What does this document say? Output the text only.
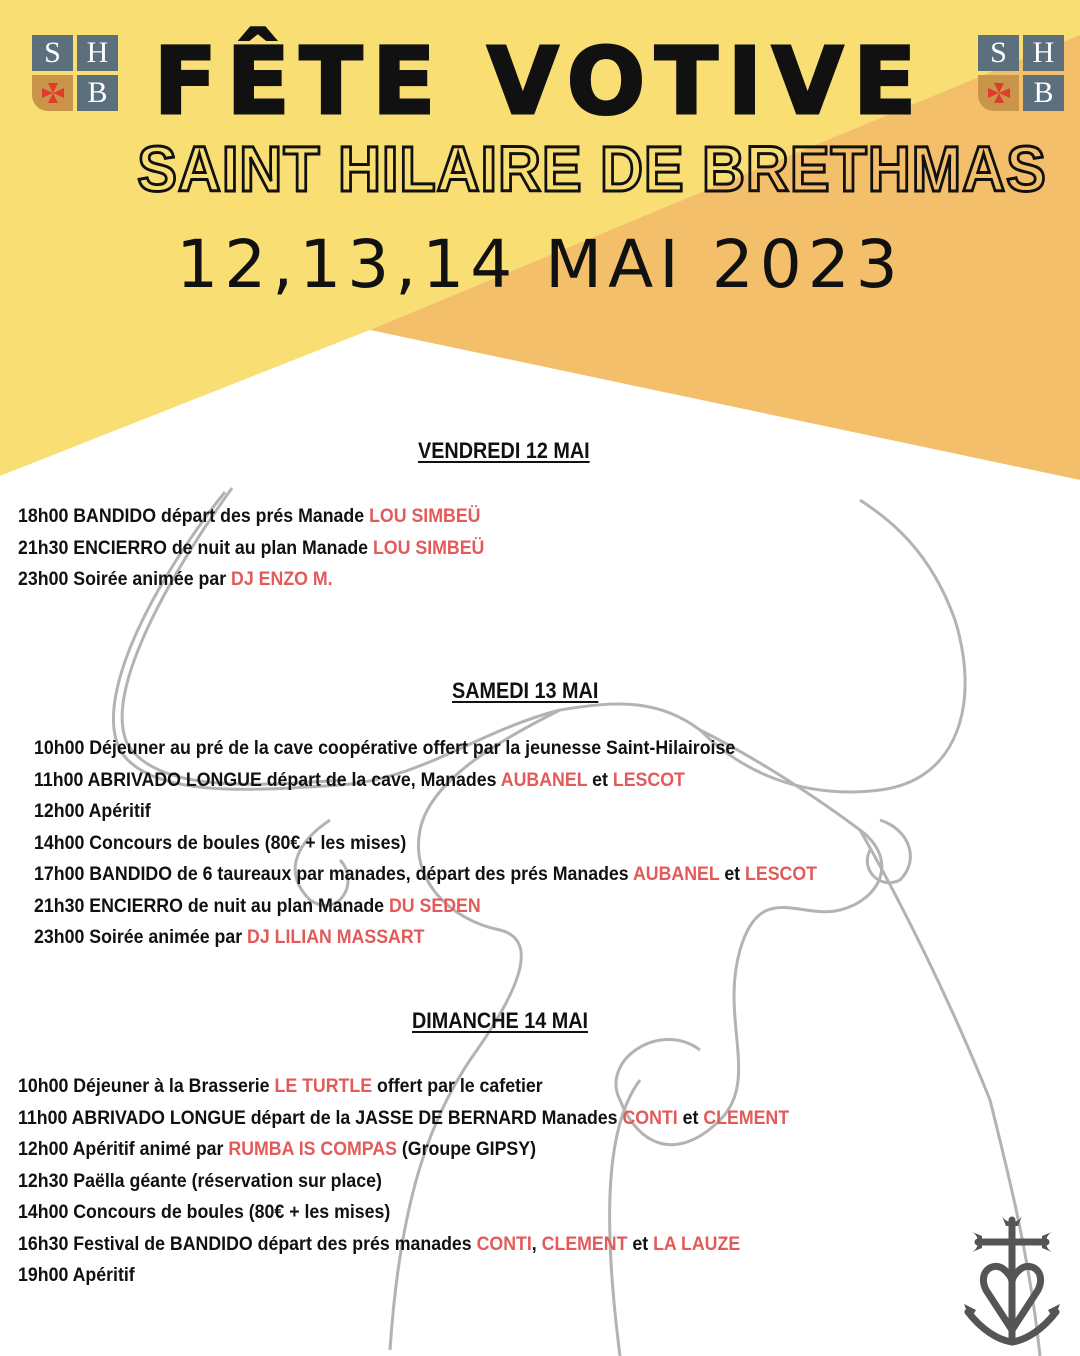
S H
B
S H
B
FÊTE VOTIVE
SAINT HILAIRE DE BRETHMAS
12,13,14 MAI 2023
VENDREDI 12 MAI
18h00 BANDIDO départ des prés Manade LOU SIMBEÜ
21h30 ENCIERRO de nuit au plan Manade LOU SIMBEÜ
23h00 Soirée animée par DJ ENZO M.
SAMEDI 13 MAI
10h00 Déjeuner au pré de la cave coopérative offert par la jeunesse Saint-Hilairoise
11h00 ABRIVADO LONGUE départ de la cave, Manades AUBANEL et LESCOT
12h00 Apéritif
14h00 Concours de boules (80€ + les mises)
17h00 BANDIDO de 6 taureaux par manades, départ des prés Manades AUBANEL et LESCOT
21h30 ENCIERRO de nuit au plan Manade DU SEDEN
23h00 Soirée animée par DJ LILIAN MASSART
DIMANCHE 14 MAI
10h00 Déjeuner à la Brasserie LE TURTLE offert par le cafetier
11h00 ABRIVADO LONGUE départ de la JASSE DE BERNARD Manades CONTI et CLEMENT
12h00 Apéritif animé par RUMBA IS COMPAS (Groupe GIPSY)
12h30 Paëlla géante (réservation sur place)
14h00 Concours de boules (80€ + les mises)
16h30 Festival de BANDIDO départ des prés manades CONTI, CLEMENT et LA LAUZE
19h00 Apéritif
